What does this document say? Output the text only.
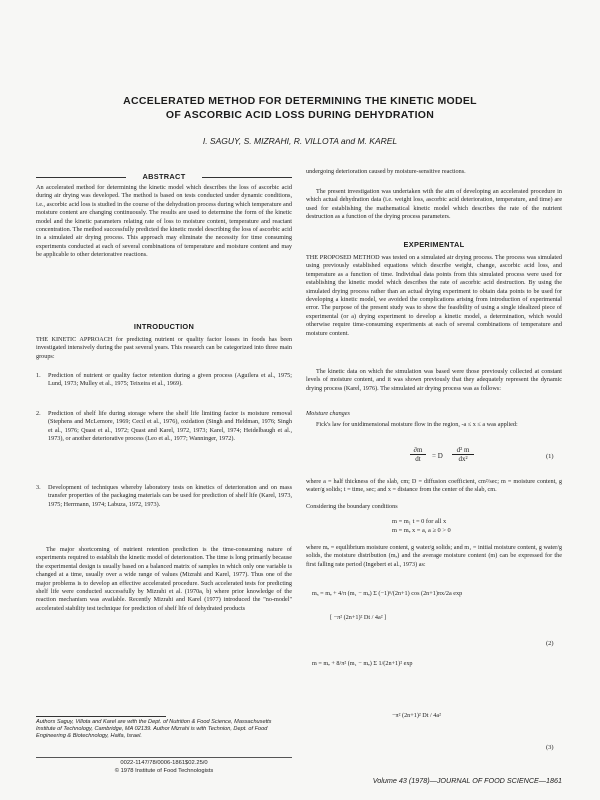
ACCELERATED METHOD FOR DETERMINING THE KINETIC MODEL
OF ASCORBIC ACID LOSS DURING DEHYDRATION
I. SAGUY, S. MIZRAHI, R. VILLOTA and M. KAREL
ABSTRACT

An accelerated method for determining the kinetic model which describes the loss of ascorbic acid during air drying was developed. The method is based on tests conducted under dynamic conditions, i.e., ascorbic acid loss is studied in the course of the dehydration process during which temperature and moisture content are changing continuously. The results are used to determine the form of the kinetic model and the kinetic parameters relating rate of loss to moisture content, temperature and reactant concentration. The method successfully predicted the kinetic model describing the loss of ascorbic acid in a simulated air drying process. This approach may eliminate the necessity for time consuming experiments conducted at each of several combinations of temperature and moisture content and may be applicable to other deteriorative reactions.

INTRODUCTION

THE KINETIC APPROACH for predicting nutrient or quality factor losses in foods has been investigated intensively during the past several years. This research can be categorized into three main groups:

1. Prediction of nutrient or quality factor retention during a given process (Aguilera et al., 1975; Lund, 1973; Mulley et al., 1975; Teixeira et al., 1969).
2. Prediction of shelf life during storage where the shelf life limiting factor is moisture removal (Stephens and McLemore, 1969; Cecil et al., 1976), oxidation (Singh and Heldman, 1976; Singh et al., 1976; Quast et al., 1972; Quast and Karel, 1972, 1973; Karel, 1974; Heidelbaugh et al., 1973), or another deteriorative process (Leo et al., 1977; Wanninger, 1972).
3. Development of techniques whereby laboratory tests on kinetics of deterioration and on mass transfer properties of the packaging materials can be used for prediction of shelf life (Karel, 1973, 1975; Herrmann, 1974; Labuza, 1972, 1973).

The major shortcoming of nutrient retention prediction is the time-consuming nature of experiments required to establish the kinetic model of deterioration. The time is long primarily because the experimental design is usually based on a balanced matrix of samples in which only one variable is changed at a time, usually over a wide range of values (Mizrahi and Karel, 1977). Thus one of the major problems is to develop an effective accelerated procedure. Such accelerated tests for predicting shelf life were conducted successfully by Mizrahi et al. (1970a, b) where prior knowledge of the reaction mechanism was available. Recently Mizrahi and Karel (1977) introduced the "no-model" accelerated stability test technique for prediction of shelf life of dehydrated products

Authors Saguy, Villota and Karel are with the Dept. of Nutrition & Food Science, Massachusetts Institute of Technology, Cambridge, MA 02139. Author Mizrahi is with Technion, Dept. of Food Engineering & Biotechnology, Haifa, Israel.
0022-1147/78/0006-1861$02.25/0
© 1978 Institute of Food Technologists

undergoing deterioration caused by moisture-sensitive reactions.

The present investigation was undertaken with the aim of developing an accelerated procedure in which actual dehydration data (i.e. weight loss, ascorbic acid deterioration, temperature, and time) are used for establishing the mathematical kinetic model which describes the rate of the nutrient destruction as a function of the drying process parameters.

EXPERIMENTAL

THE PROPOSED METHOD was tested on a simulated air drying process. The process was simulated using previously established equations which describe weight, change, ascorbic acid loss, and temperature as a function of time. Individual data points from this simulated process were used for establishing the kinetic model which describes the rate of ascorbic acid destruction. By using the simulated drying process rather than an actual drying experiment to obtain data points to be used for developing a kinetic model, we avoided the complications arising from introduction of experimental error. The purpose of the present study was to show the feasibility of using a single idealized piece of experimental (or a) drying experiment to develop a kinetic model, a determination, which would otherwise require time-consuming experiments at each of several combinations of temperature and moisture content.

The kinetic data on which the simulation was based were those previously collected at constant levels of moisture content, and it was shown previously that they adequately represent the dynamic drying process (Karel, 1976). The simulated air drying process was as follows:

Moisture changes

Fick's law for unidimensional moisture flow in the region, -a ≤ x ≤ a was applied:

$\frac{\partial m}{dt} = D \frac{\text{d² m}}{\text{dx²}}$	(1)

where a = half thickness of the slab, cm; D = diffusion coefficient, cm²/sec; m = moisture content, g water/g solids; t = time, sec; and x = distance from the center of the slab, cm.

Considering the boundary conditions

m = m₁ t = 0 for all x
m = mₑ x = a, a ≥ 0 > 0

where mₑ = equilibrium moisture content, g water/g solids; and m₁ = initial moisture content, g water/g solids, the moisture distribution (mₓ) and the average moisture content (m) can be expressed for the first falling rate period (Ingebert et al., 1973) as:

mₓ = mₑ + 4/π (m₁ − mₑ) Σ (−1)ⁿ/(2n+1) cos (2n+1)πx/2a exp
[ −π² (2n+1)² Dt / 4a² ]
(2)
m = mₑ + 8/π² (m₁ − mₑ) Σ 1/(2n+1)² exp
−π² (2n+1)² Dt / 4a²
(3)
Volume 43 (1978)—JOURNAL OF FOOD SCIENCE—1861
